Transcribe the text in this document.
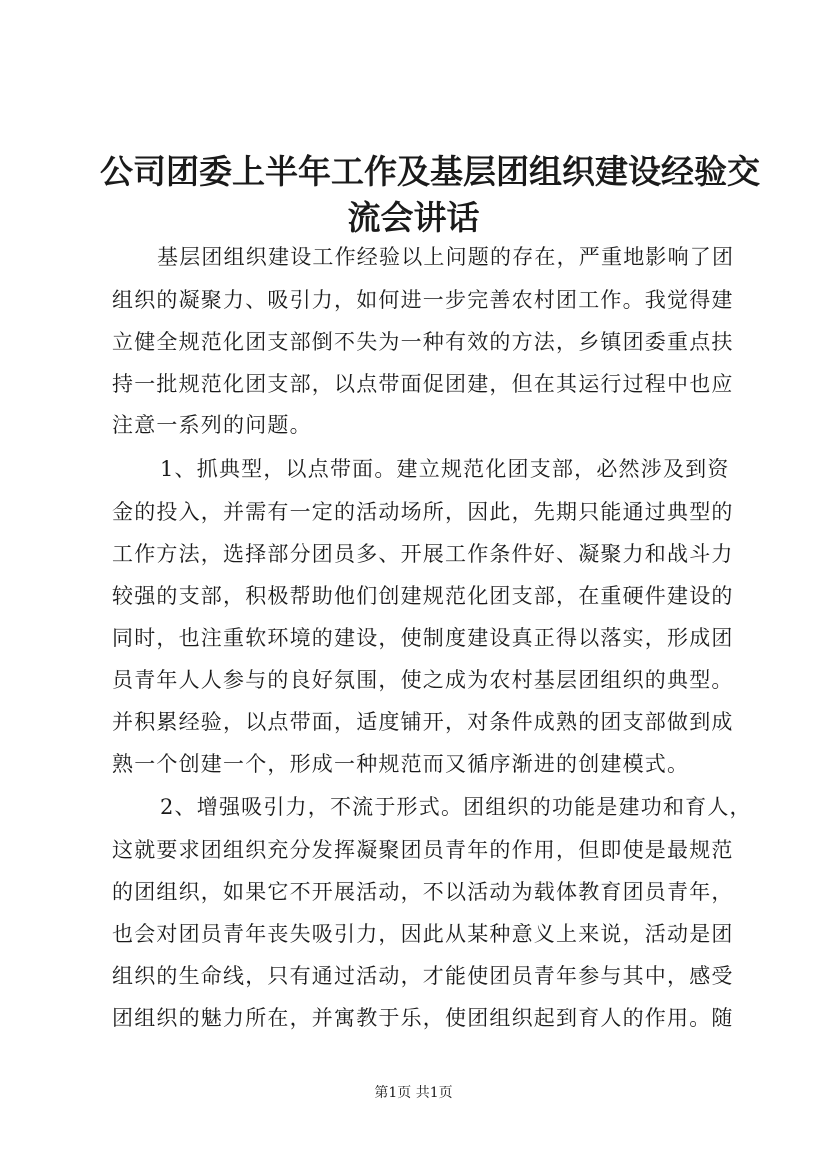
公司团委上半年工作及基层团组织建设经验交
流会讲话
基层团组织建设工作经验以上问题的存在，严重地影响了团
组织的凝聚力、吸引力，如何进一步完善农村团工作。我觉得建
立健全规范化团支部倒不失为一种有效的方法，乡镇团委重点扶
持一批规范化团支部，以点带面促团建，但在其运行过程中也应
注意一系列的问题。
1、抓典型，以点带面。建立规范化团支部，必然涉及到资
金的投入，并需有一定的活动场所，因此，先期只能通过典型的
工作方法，选择部分团员多、开展工作条件好、凝聚力和战斗力
较强的支部，积极帮助他们创建规范化团支部，在重硬件建设的
同时，也注重软环境的建设，使制度建设真正得以落实，形成团
员青年人人参与的良好氛围，使之成为农村基层团组织的典型。
并积累经验，以点带面，适度铺开，对条件成熟的团支部做到成
熟一个创建一个，形成一种规范而又循序渐进的创建模式。
2、增强吸引力，不流于形式。团组织的功能是建功和育人，
这就要求团组织充分发挥凝聚团员青年的作用，但即使是最规范
的团组织，如果它不开展活动，不以活动为载体教育团员青年，
也会对团员青年丧失吸引力，因此从某种意义上来说，活动是团
组织的生命线，只有通过活动，才能使团员青年参与其中，感受
团组织的魅力所在，并寓教于乐，使团组织起到育人的作用。随
第1页 共1页
